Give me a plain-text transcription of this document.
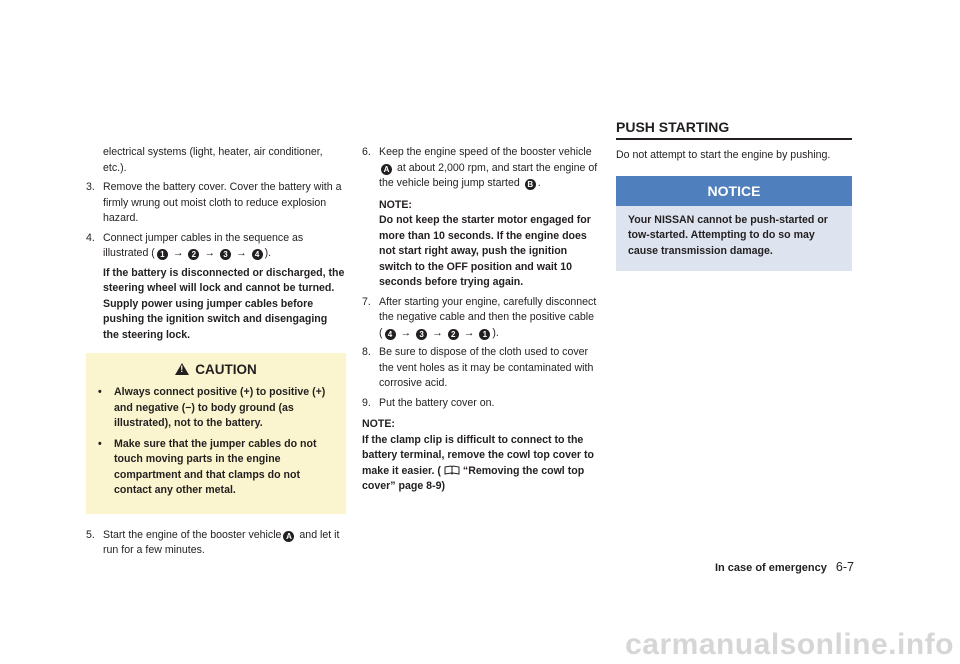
electrical systems (light, heater, air conditioner, etc.).

3. Remove the battery cover. Cover the battery with a firmly wrung out moist cloth to reduce explosion hazard.
4. Connect jumper cables in the sequence as illustrated ( 1 → 2 → 3 → 4 ).

If the battery is disconnected or discharged, the steering wheel will lock and cannot be turned. Supply power using jumper cables before pushing the ignition switch and disengaging the steering lock.

!CAUTION
• Always connect positive (+) to positive (+) and negative (−) to body ground (as illustrated), not to the battery.
• Make sure that the jumper cables do not touch moving parts in the engine compartment and that clamps do not contact any other metal.
5. Start the engine of the booster vehicle A and let it run for a few minutes.
6. Keep the engine speed of the booster vehicle A at about 2,000 rpm, and start the engine of the vehicle being jump started B .

NOTE:

Do not keep the starter motor engaged for more than 10 seconds. If the engine does not start right away, push the ignition switch to the OFF position and wait 10 seconds before trying again.

7. After starting your engine, carefully disconnect the negative cable and then the positive cable ( 4 → 3 → 2 → 1 ).
8. Be sure to dispose of the cloth used to cover the vent holes as it may be contaminated with corrosive acid.
9. Put the battery cover on.

NOTE:

If the clamp clip is difficult to connect to the battery terminal, remove the cowl top cover to make it easier. ( “Removing the cowl top cover” page 8-9)

PUSH STARTING

Do not attempt to start the engine by pushing.

NOTICE
Your NISSAN cannot be push-started or tow-started. Attempting to do so may cause transmission damage.
In case of emergency 6-7
carmanualsonline.info
